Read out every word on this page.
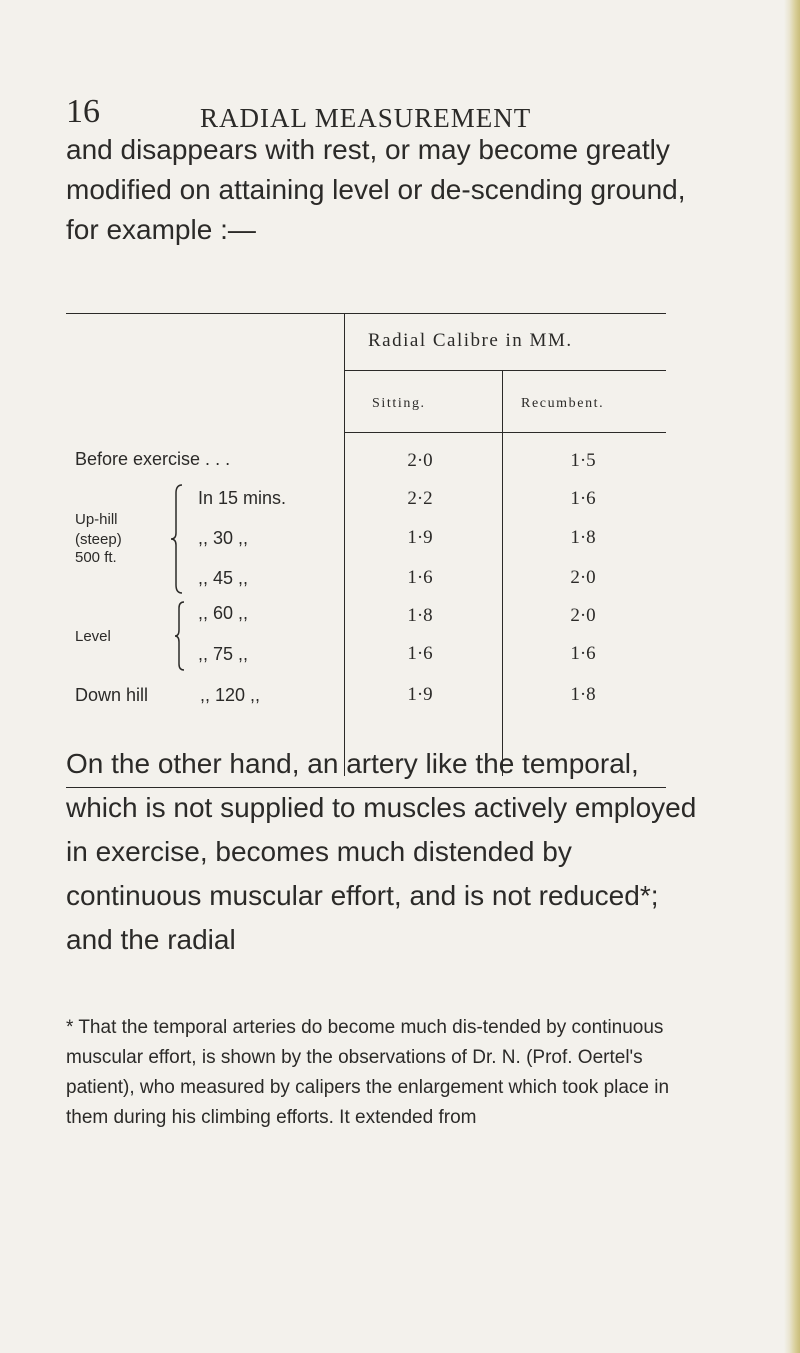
16	RADIAL MEASUREMENT

and disappears with rest, or may become greatly modified on attaining level or de-scending ground, for example :—

Radial Calibre in MM.
Sitting.	Recumbent.
Before exercise . . .	2·0	1·5
Up-hill
(steep)
500 ft.
In 15 mins.	2·2	1·6
,, 30 ,,	1·9	1·8
,, 45 ,,	1·6	2·0
Level
,, 60 ,,	1·8	2·0
,, 75 ,,	1·6	1·6
Down hill	,, 120 ,,	1·9	1·8

On the other hand, an artery like the temporal, which is not supplied to muscles actively employed in exercise, becomes much distended by continuous muscular effort, and is not reduced*; and the radial

* That the temporal arteries do become much dis-tended by continuous muscular effort, is shown by the observations of Dr. N. (Prof. Oertel's patient), who measured by calipers the enlargement which took place in them during his climbing efforts. It extended from
